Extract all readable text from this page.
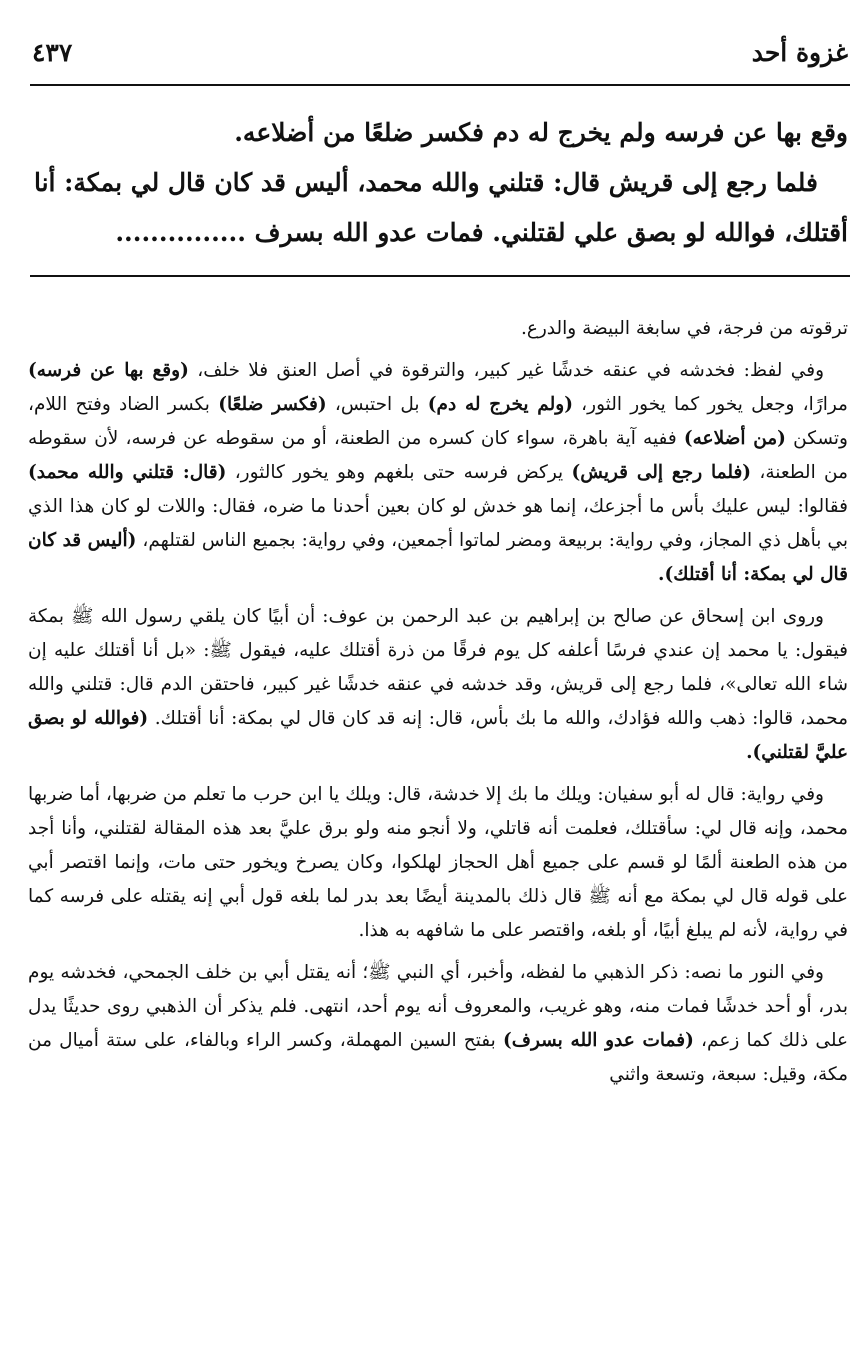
غزوة أحد
٤٣٧

وقع بها عن فرسه ولم يخرج له دم فكسر ضلعًا من أضلاعه.

فلما رجع إلى قريش قال: قتلني والله محمد، أليس قد كان قال لي بمكة: أنا أقتلك، فوالله لو بصق علي لقتلني. فمات عدو الله بسرف ...............

ترقوته من فرجة، في سابغة البيضة والدرع.

وفي لفظ: فخدشه في عنقه خدشًا غير كبير، والترقوة في أصل العنق فلا خلف، (وقع بها عن فرسه) مرارًا، وجعل يخور كما يخور الثور، (ولم يخرج له دم) بل احتبس، (فكسر ضلعًا) بكسر الضاد وفتح اللام، وتسكن (من أضلاعه) ففيه آية باهرة، سواء كان كسره من الطعنة، أو من سقوطه عن فرسه، لأن سقوطه من الطعنة، (فلما رجع إلى قريش) يركض فرسه حتى بلغهم وهو يخور كالثور، (قال: قتلني والله محمد) فقالوا: ليس عليك بأس ما أجزعك، إنما هو خدش لو كان بعين أحدنا ما ضره، فقال: واللات لو كان هذا الذي بي بأهل ذي المجاز، وفي رواية: بربيعة ومضر لماتوا أجمعين، وفي رواية: بجميع الناس لقتلهم، (أليس قد كان قال لي بمكة: أنا أقتلك).

وروى ابن إسحاق عن صالح بن إبراهيم بن عبد الرحمن بن عوف: أن أبيًا كان يلقي رسول الله ﷺ بمكة فيقول: يا محمد إن عندي فرسًا أعلفه كل يوم فرقًا من ذرة أقتلك عليه، فيقول ﷺ: «بل أنا أقتلك عليه إن شاء الله تعالى»، فلما رجع إلى قريش، وقد خدشه في عنقه خدشًا غير كبير، فاحتقن الدم قال: قتلني والله محمد، قالوا: ذهب والله فؤادك، والله ما بك بأس، قال: إنه قد كان قال لي بمكة: أنا أقتلك. (فوالله لو بصق عليَّ لقتلني).

وفي رواية: قال له أبو سفيان: ويلك ما بك إلا خدشة، قال: ويلك يا ابن حرب ما تعلم من ضربها، أما ضربها محمد، وإنه قال لي: سأقتلك، فعلمت أنه قاتلي، ولا أنجو منه ولو برق عليَّ بعد هذه المقالة لقتلني، وأنا أجد من هذه الطعنة ألمًا لو قسم على جميع أهل الحجاز لهلكوا، وكان يصرخ ويخور حتى مات، وإنما اقتصر أبي على قوله قال لي بمكة مع أنه ﷺ قال ذلك بالمدينة أيضًا بعد بدر لما بلغه قول أبي إنه يقتله على فرسه كما في رواية، لأنه لم يبلغ أبيًا، أو بلغه، واقتصر على ما شافهه به هذا.

وفي النور ما نصه: ذكر الذهبي ما لفظه، وأخبر، أي النبي ﷺ؛ أنه يقتل أبي بن خلف الجمحي، فخدشه يوم بدر، أو أحد خدشًا فمات منه، وهو غريب، والمعروف أنه يوم أحد، انتهى. فلم يذكر أن الذهبي روى حديثًا يدل على ذلك كما زعم، (فمات عدو الله بسرف) بفتح السين المهملة، وكسر الراء وبالفاء، على ستة أميال من مكة، وقيل: سبعة، وتسعة واثني
